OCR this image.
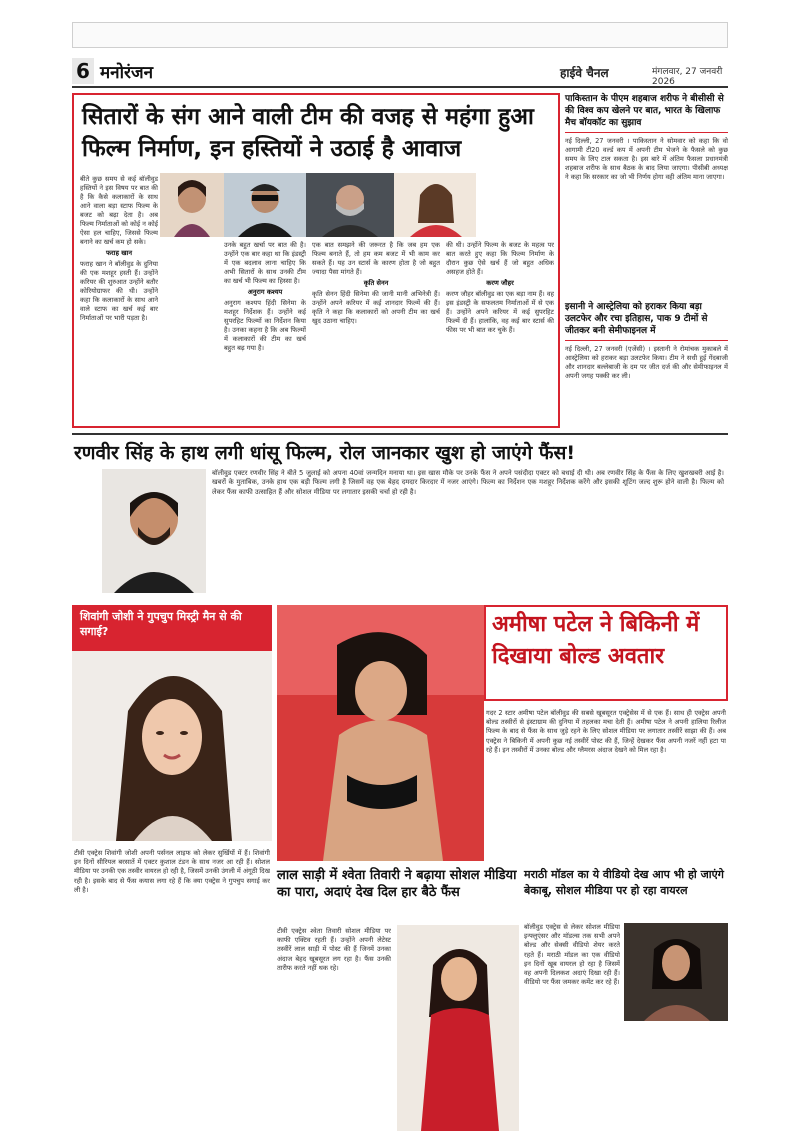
6 मनोरंजन	हाईवे चैनल	मंगलवार, 27 जनवरी 2026
सितारों के संग आने वाली टीम की वजह से महंगा हुआ फिल्म निर्माण, इन हस्तियों ने उठाई है आवाज
बीते कुछ समय से कई बॉलीवुड हस्तियों ने इस विषय पर बात की है कि कैसे कलाकारों के साथ आने वाला बड़ा स्टाफ फिल्म के बजट को बढ़ा देता है। अब फिल्म निर्माताओं को कोई न कोई ऐसा हल चाहिए, जिससे फिल्म बनाने का खर्च कम हो सके।
फराह खान
फराह खान ने बॉलीवुड के दुनिया की एक मशहूर हस्ती हैं। उन्होंने करियर की शुरुआत उन्होंने बतौर कोरियोग्राफर की थी। उन्होंने कहा कि कलाकारों के साथ आने वाले स्टाफ का खर्च कई बार निर्माताओं पर भारी पड़ता है।
उनके बहुत खर्चा पर बात की है। उन्होंने एक बार कहा था कि इंडस्ट्री में एक बदलाव लाना चाहिए कि अभी सितारों के साथ उनकी टीम का खर्च भी फिल्म का हिस्सा है।
अनुराग कश्यप
अनुराग कश्यप हिंदी सिनेमा के मशहूर निर्देशक हैं। उन्होंने कई सुपरहिट फिल्मों का निर्देशन किया है। उनका कहना है कि अब फिल्मों में कलाकारों की टीम का खर्च बहुत बढ़ गया है।
एक बात समझने की जरूरत है कि जब हम एक फिल्म बनाते हैं, तो हम कम बजट में भी काम कर सकते हैं। यह उन स्टार्स के कारण होता है जो बहुत ज्यादा पैसा मांगते हैं।
कृति सेनन
कृति सेनन हिंदी सिनेमा की जानी मानी अभिनेत्री हैं। उन्होंने अपने करियर में कई शानदार फिल्में की हैं। कृति ने कहा कि कलाकारों को अपनी टीम का खर्च खुद उठाना चाहिए।
की थी। उन्होंने फिल्म के बजट के महत्व पर बात करते हुए कहा कि फिल्म निर्माण के दौरान कुछ ऐसे खर्च हैं जो बहुत अधिक असहज होते हैं।
करण जौहर
करण जौहर बॉलीवुड का एक बड़ा नाम हैं। वह इस इंडस्ट्री के सफलतम निर्माताओं में से एक हैं। उन्होंने अपने करियर में कई सुपरहिट फिल्में दी हैं। हालांकि, वह कई बार स्टार्स की फीस पर भी बात कर चुके हैं।
पाकिस्तान के पीएम शहबाज शरीफ ने बीसीसी से की विश्व कप खेलने पर बात, भारत के खिलाफ मैच बॉयकॉट का सुझाव
नई दिल्ली, 27 जनवरी । पाकिस्तान ने सोमवार को कहा कि वो आगामी टी20 वर्ल्ड कप में अपनी टीम भेजने के फैसले को कुछ समय के लिए टाल सकता है। इस बारे में अंतिम फैसला प्रधानमंत्री शहबाज शरीफ के साथ बैठक के बाद लिया जाएगा। पीसीबी अध्यक्ष ने कहा कि सरकार का जो भी निर्णय होगा वही अंतिम माना जाएगा।
इसानी ने आस्ट्रेलिया को हराकर किया बड़ा उलटफेर और रचा इतिहास, पाक 9 टीमों से जीतकर बनी सेमीफाइनल में
नई दिल्ली, 27 जनवरी (एजेंसी) । इस्तानी ने रोमांचक मुकाबले में आस्ट्रेलिया को हराकर बड़ा उलटफेर किया। टीम ने सधी हुई गेंदबाजी और शानदार बल्लेबाजी के दम पर जीत दर्ज की और सेमीफाइनल में अपनी जगह पक्की कर ली।
रणवीर सिंह के हाथ लगी धांसू फिल्म, रोल जानकार खुश हो जाएंगे फैंस!
बॉलीवुड एक्टर रणवीर सिंह ने बीते 5 जुलाई को अपना 40वां जन्मदिन मनाया था। इस खास मौके पर उनके फैंस ने अपने पसंदीदा एक्टर को बधाई दी थी। अब रणवीर सिंह के फैंस के लिए खुशखबरी आई है। खबरों के मुताबिक, उनके हाथ एक बड़ी फिल्म लगी है जिसमें वह एक बेहद दमदार किरदार में नजर आएंगे। फिल्म का निर्देशन एक मशहूर निर्देशक करेंगे और इसकी शूटिंग जल्द शुरू होने वाली है। फिल्म को लेकर फैंस काफी उत्साहित हैं और सोशल मीडिया पर लगातार इसकी चर्चा हो रही है।
शिवांगी जोशी ने गुपचुप मिस्ट्री मैन से की सगाई?
टीवी एक्ट्रेस शिवांगी जोशी अपनी पर्सनल लाइफ को लेकर सुर्खियों में हैं। शिवांगी इन दिनों सीरियल बरसातें में एक्टर कुशाल टंडन के साथ नजर आ रही हैं। सोशल मीडिया पर उनकी एक तस्वीर वायरल हो रही है, जिसमें उनकी उंगली में अंगूठी दिख रही है। इसके बाद से फैंस कयास लगा रहे हैं कि क्या एक्ट्रेस ने गुपचुप सगाई कर ली है।
अमीषा पटेल ने बिकिनी में दिखाया बोल्ड अवतार
गदर 2 स्टार अमीषा पटेल बॉलीवुड की सबसे खूबसूरत एक्ट्रेसेस में से एक हैं। साथ ही एक्ट्रेस अपनी बोल्ड तस्वीरों से इंस्टाग्राम की दुनिया में तहलका मचा देती हैं। अमीषा पटेल ने अपनी हालिया रिलीज फिल्म के बाद से फैंस के साथ जुड़े रहने के लिए सोशल मीडिया पर लगातार तस्वीरें साझा की हैं। अब एक्ट्रेस ने बिकिनी में अपनी कुछ नई तस्वीरें पोस्ट की हैं, जिन्हें देखकर फैंस अपनी नजरें नहीं हटा पा रहे हैं। इन तस्वीरों में उनका बोल्ड और ग्लैमरस अंदाज देखने को मिल रहा है।
लाल साड़ी में श्वेता तिवारी ने बढ़ाया सोशल मीडिया का पारा, अदाएं देख दिल हार बैठे फैंस
टीवी एक्ट्रेस श्वेता तिवारी सोशल मीडिया पर काफी एक्टिव रहती हैं। उन्होंने अपनी लेटेस्ट तस्वीरें लाल साड़ी में पोस्ट की हैं जिनमें उनका अंदाज बेहद खूबसूरत लग रहा है। फैंस उनकी तारीफ करते नहीं थक रहे।
मराठी मॉडल का ये वीडियो देख आप भी हो जाएंगे बेकाबू, सोशल मीडिया पर हो रहा वायरल
बॉलीवुड एक्ट्रेस से लेकर सोशल मीडिया इन्फ्लुएंसर और मॉडल्स तक सभी अपने बोल्ड और सेक्सी वीडियो शेयर करते रहते हैं। मराठी मॉडल का एक वीडियो इन दिनों खूब वायरल हो रहा है जिसमें वह अपनी दिलकश अदाएं दिखा रही हैं। वीडियो पर फैंस जमकर कमेंट कर रहे हैं।
